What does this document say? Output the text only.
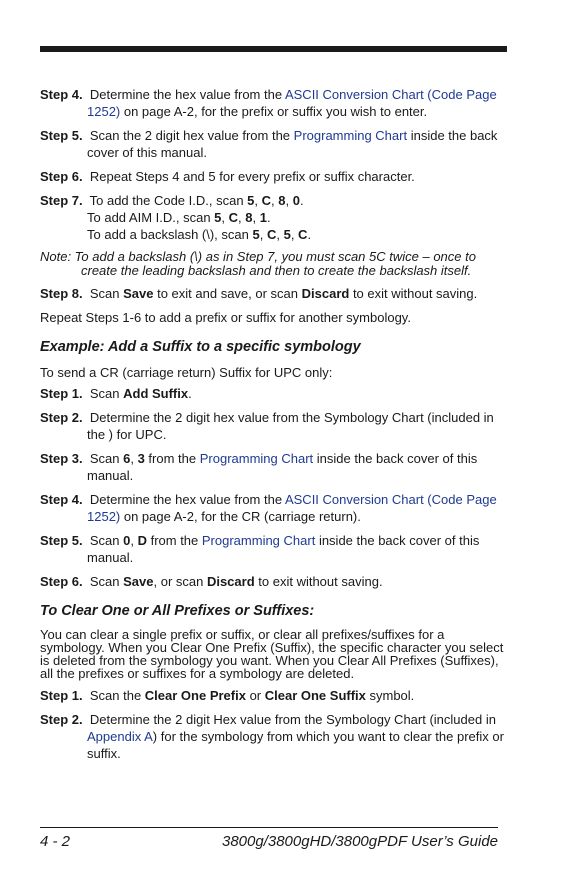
Step 4. Determine the hex value from the ASCII Conversion Chart (Code Page 1252) on page A-2, for the prefix or suffix you wish to enter.

Step 5. Scan the 2 digit hex value from the Programming Chart inside the back cover of this manual.

Step 6. Repeat Steps 4 and 5 for every prefix or suffix character.

Step 7. To add the Code I.D., scan 5, C, 8, 0.
To add AIM I.D., scan 5, C, 8, 1.
To add a backslash (\), scan 5, C, 5, C.

Note: To add a backslash (\) as in Step 7, you must scan 5C twice – once to create the leading backslash and then to create the backslash itself.

Step 8. Scan Save to exit and save, or scan Discard to exit without saving.

Repeat Steps 1-6 to add a prefix or suffix for another symbology.

Example: Add a Suffix to a specific symbology

To send a CR (carriage return) Suffix for UPC only:

Step 1. Scan Add Suffix.

Step 2. Determine the 2 digit hex value from the Symbology Chart (included in the ) for UPC.

Step 3. Scan 6, 3 from the Programming Chart inside the back cover of this manual.

Step 4. Determine the hex value from the ASCII Conversion Chart (Code Page 1252) on page A-2, for the CR (carriage return).

Step 5. Scan 0, D from the Programming Chart inside the back cover of this manual.

Step 6. Scan Save, or scan Discard to exit without saving.

To Clear One or All Prefixes or Suffixes:

You can clear a single prefix or suffix, or clear all prefixes/suffixes for a symbology. When you Clear One Prefix (Suffix), the specific character you select is deleted from the symbology you want. When you Clear All Prefixes (Suffixes), all the prefixes or suffixes for a symbology are deleted.

Step 1. Scan the Clear One Prefix or Clear One Suffix symbol.

Step 2. Determine the 2 digit Hex value from the Symbology Chart (included in Appendix A) for the symbology from which you want to clear the prefix or suffix.

4 - 2	3800g/3800gHD/3800gPDF User’s Guide
